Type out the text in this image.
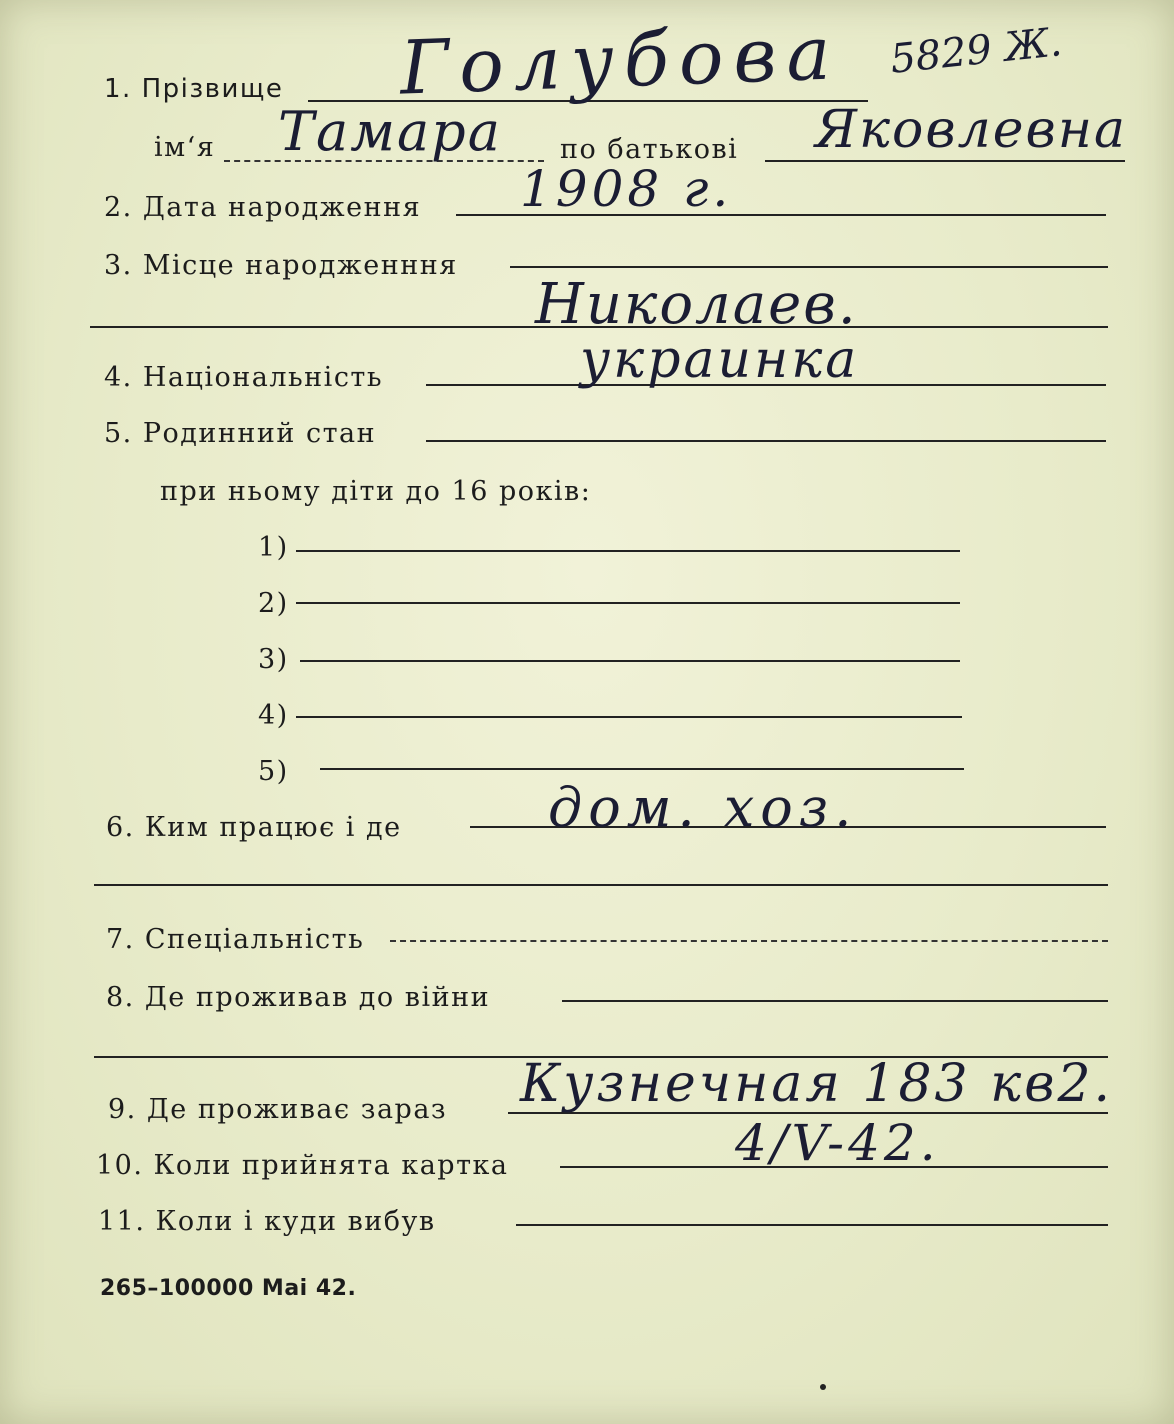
1. Прізвище Голубова 5829 Ж.
ім‘я Тамара по батькові Яковлевна
2. Дата народження 1908 г.
3. Місце народженння
Николаев.
4. Національність	украинка
5. Родинний стан
при ньому діти до 16 років:
1)
2)
3)
4)
5)
6. Ким працює і де	дом. хоз.
7. Спеціальність
8. Де проживав до війни
9. Де проживає зараз Кузнечная 183 кв2.
10. Коли прийнята картка	4/V-42.
11. Коли і куди вибув
265–100000 Mai 42.
